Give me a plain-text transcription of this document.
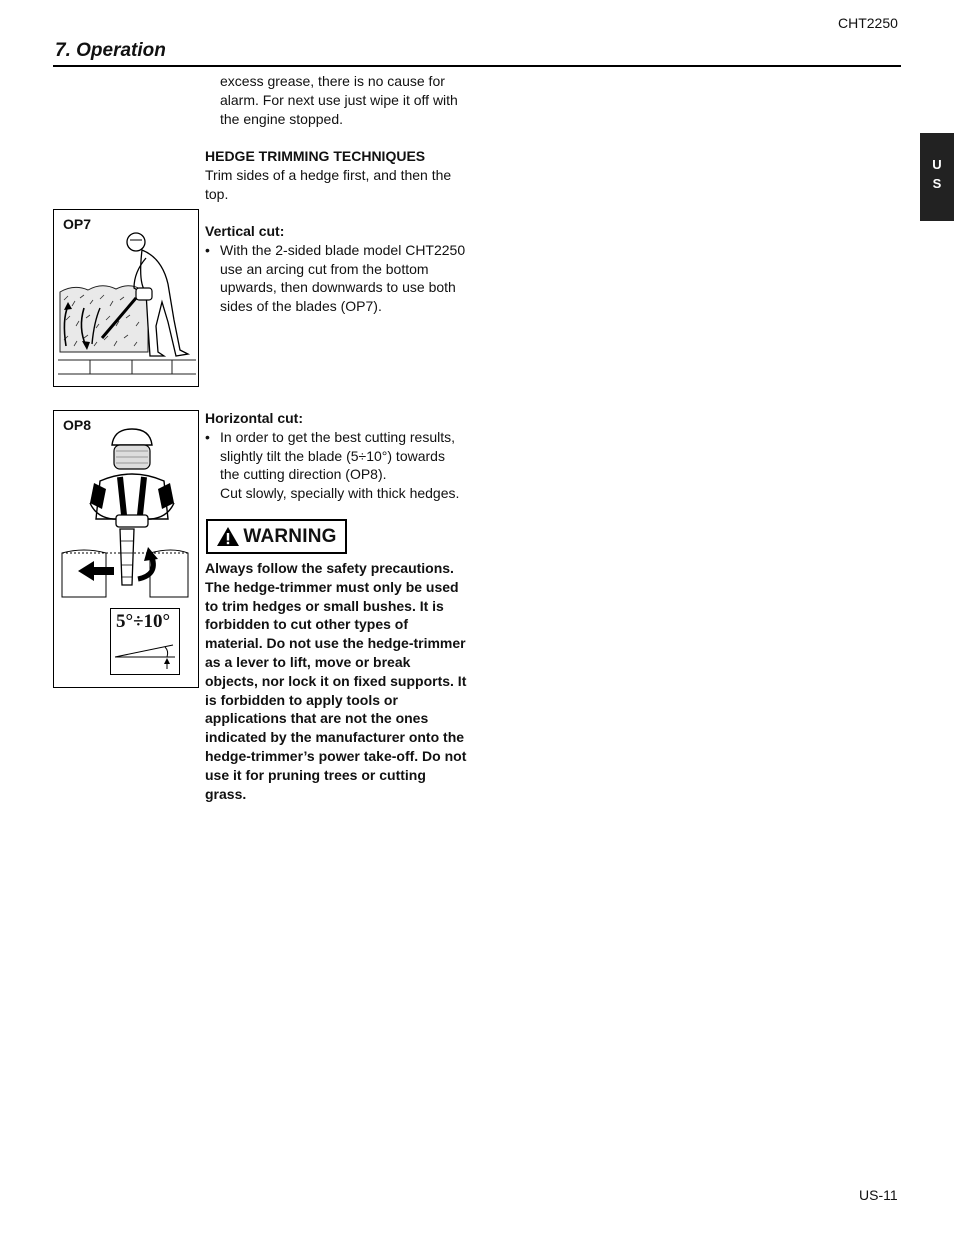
CHT2250
7. Operation
U
S
excess grease, there is no cause for
alarm. For next use just wipe it off with
the engine stopped.
HEDGE TRIMMING TECHNIQUES
Trim sides of a hedge first, and then the
top.
Vertical cut:
• With the 2-sided blade model CHT2250
use an arcing cut from the bottom
upwards, then downwards to use both
sides of the blades (OP7).
Horizontal cut:
• In order to get the best cutting results,
slightly tilt the blade (5÷10°) towards
the cutting direction (OP8).
Cut slowly, specially with thick hedges.
WARNING
Always follow the safety precautions.
The hedge-trimmer must only be used
to trim hedges or small bushes. It is
forbidden to cut other types of
material. Do not use the hedge-trimmer
as a lever to lift, move or break
objects, nor lock it on fixed supports. It
is forbidden to apply tools or
applications that are not the ones
indicated by the manufacturer onto the
hedge-trimmer’s power take-off. Do not
use it for pruning trees or cutting
grass.
OP7
OP8
5°÷10°
US-11
